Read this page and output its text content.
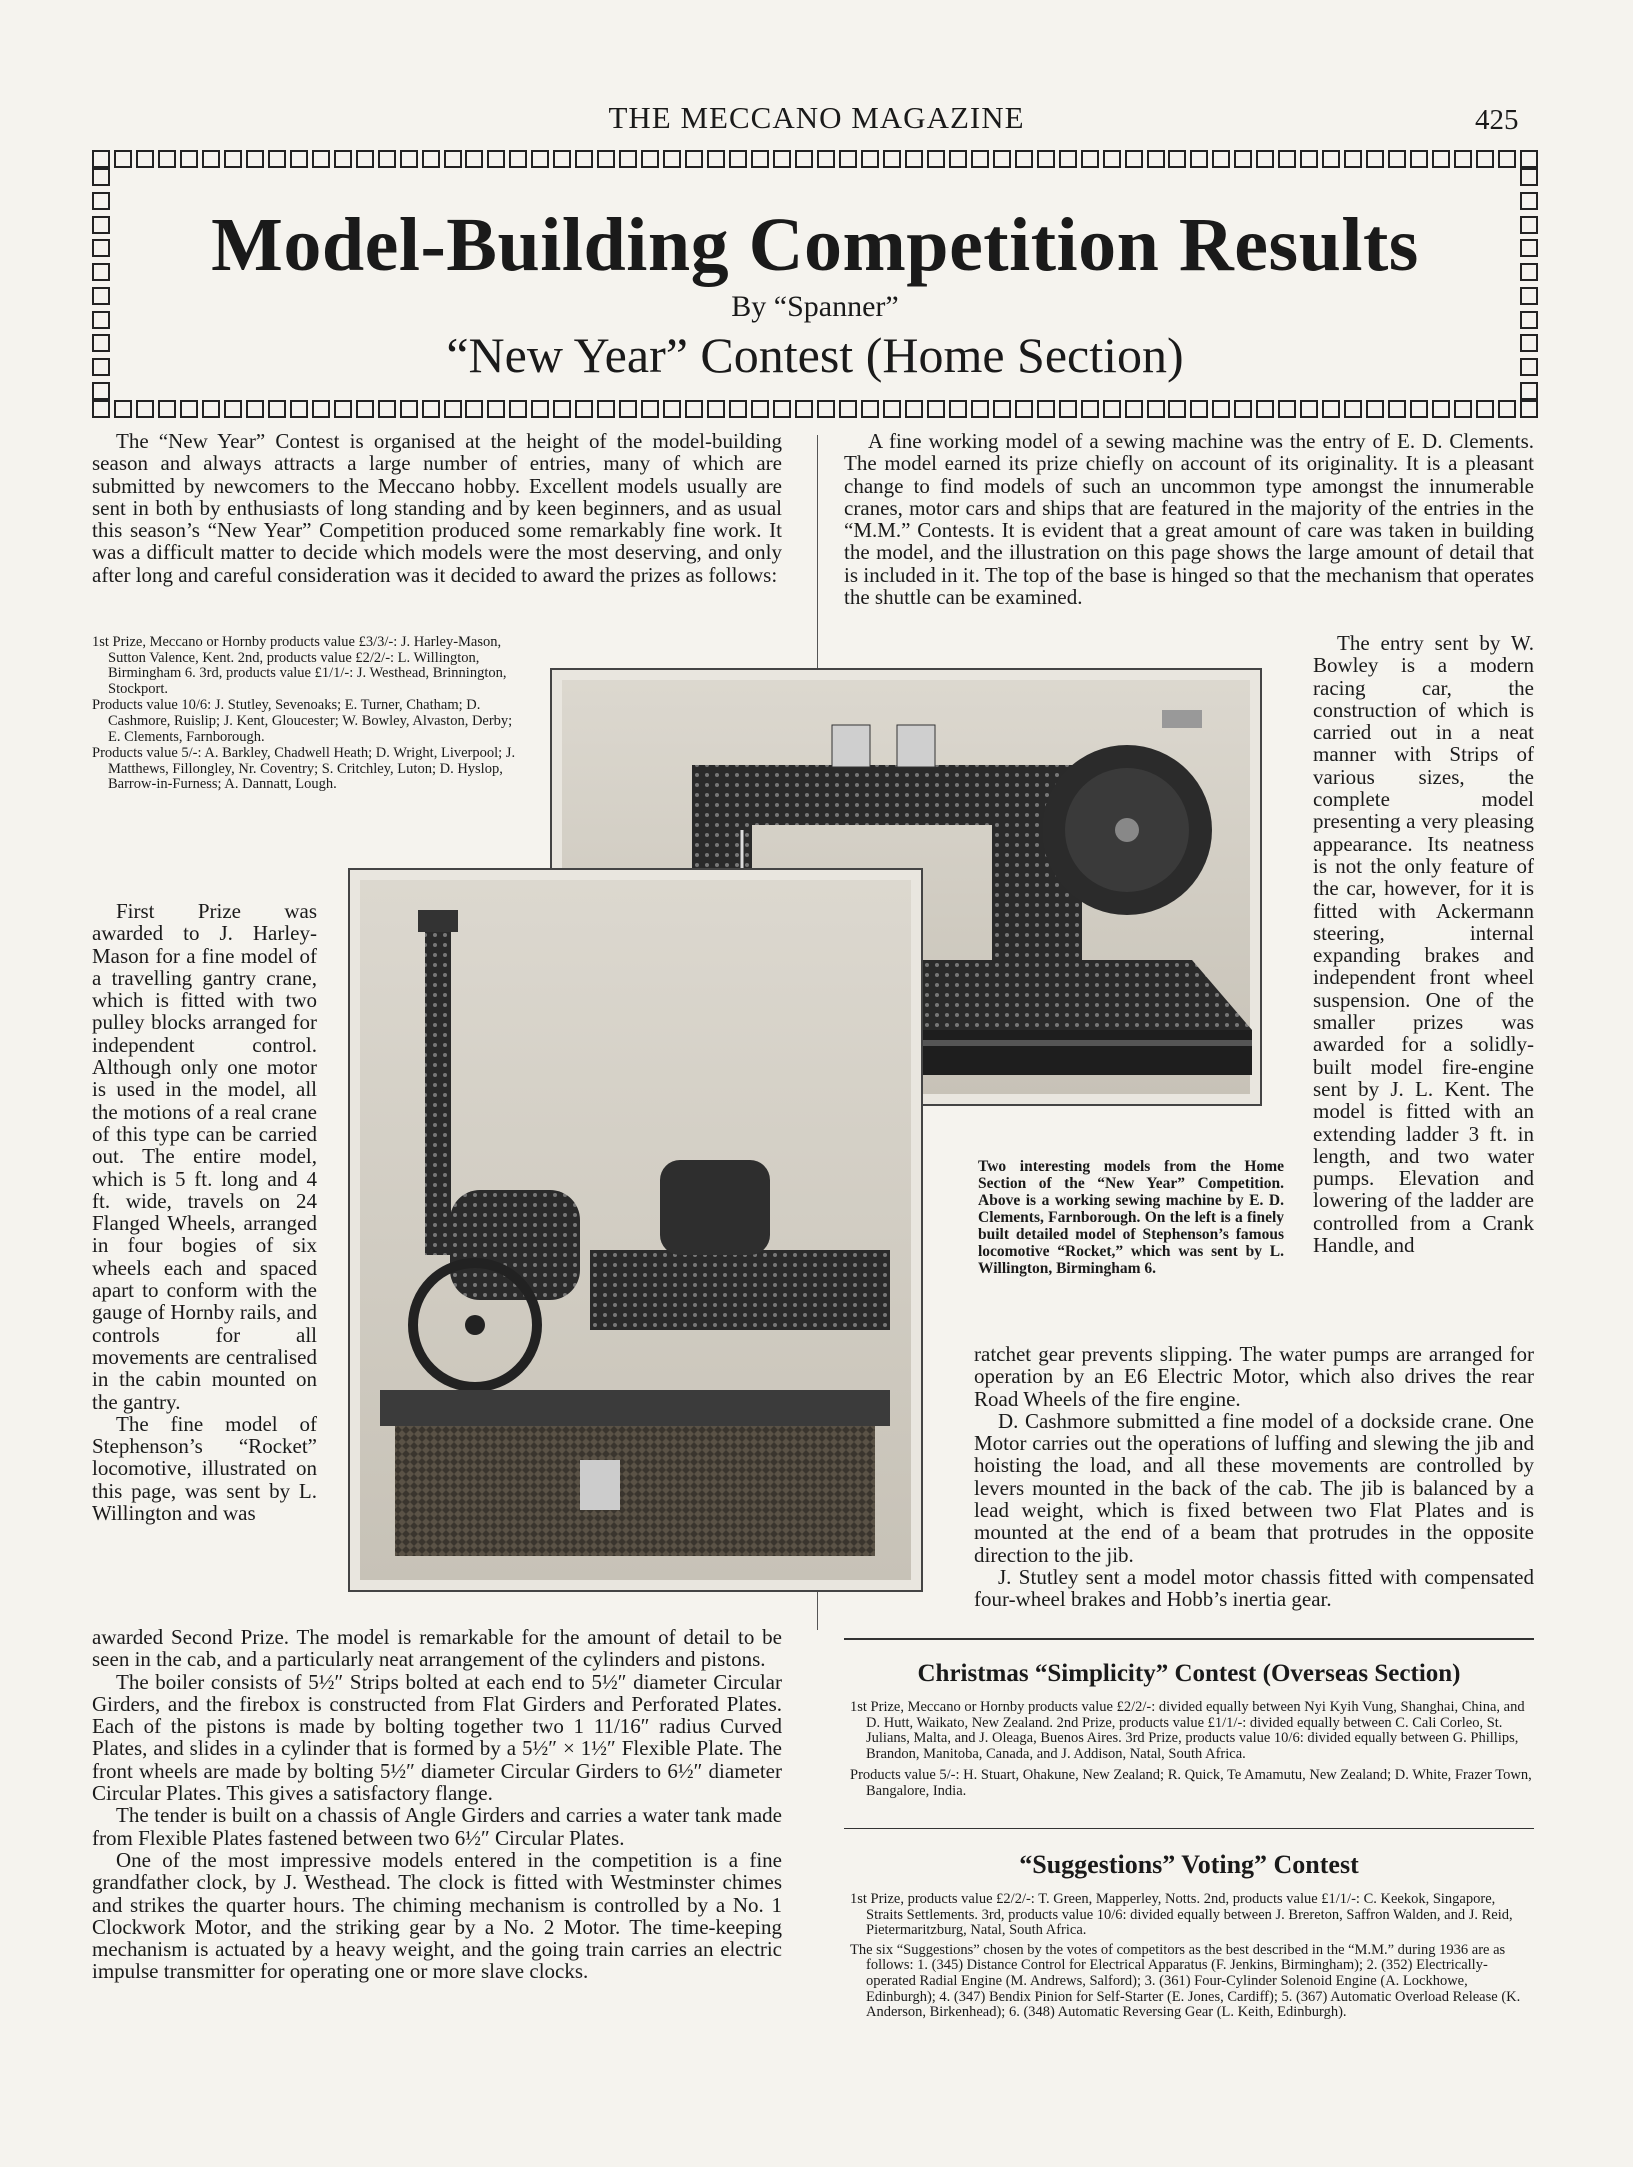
THE MECCANO MAGAZINE	425
Model-Building Competition Results
By “Spanner”
“New Year” Contest (Home Section)

The “New Year” Contest is organised at the height of the model-building season and always attracts a large number of entries, many of which are submitted by newcomers to the Meccano hobby. Excellent models usually are sent in both by enthusiasts of long standing and by keen beginners, and as usual this season’s “New Year” Competition produced some remarkably fine work. It was a difficult matter to decide which models were the most deserving, and only after long and careful consideration was it decided to award the prizes as follows:

1st Prize, Meccano or Hornby products value £3/3/-: J. Harley-Mason, Sutton Valence, Kent. 2nd, products value £2/2/-: L. Willington, Birmingham 6. 3rd, products value £1/1/-: J. Westhead, Brinnington, Stockport.

Products value 10/6: J. Stutley, Sevenoaks; E. Turner, Chatham; D. Cashmore, Ruislip; J. Kent, Gloucester; W. Bowley, Alvaston, Derby; E. Clements, Farnborough.

Products value 5/-: A. Barkley, Chadwell Heath; D. Wright, Liverpool; J. Matthews, Fillongley, Nr. Coventry; S. Critchley, Luton; D. Hyslop, Barrow-in-Furness; A. Dannatt, Lough.

First Prize was awarded to J. Harley-Mason for a fine model of a travelling gantry crane, which is fitted with two pulley blocks arranged for independent control. Although only one motor is used in the model, all the motions of a real crane of this type can be carried out. The entire model, which is 5 ft. long and 4 ft. wide, travels on 24 Flanged Wheels, arranged in four bogies of six wheels each and spaced apart to conform with the gauge of Hornby rails, and controls for all movements are centralised in the cabin mounted on the gantry.

The fine model of Stephenson’s “Rocket” locomotive, illustrated on this page, was sent by L. Willington and was

awarded Second Prize. The model is remarkable for the amount of detail to be seen in the cab, and a particularly neat arrangement of the cylinders and pistons.

The boiler consists of 5½″ Strips bolted at each end to 5½″ diameter Circular Girders, and the firebox is constructed from Flat Girders and Perforated Plates. Each of the pistons is made by bolting together two 1 11/16″ radius Curved Plates, and slides in a cylinder that is formed by a 5½″ × 1½″ Flexible Plate. The front wheels are made by bolting 5½″ diameter Circular Girders to 6½″ diameter Circular Plates. This gives a satisfactory flange.

The tender is built on a chassis of Angle Girders and carries a water tank made from Flexible Plates fastened between two 6½″ Circular Plates.

One of the most impressive models entered in the competition is a fine grandfather clock, by J. Westhead. The clock is fitted with Westminster chimes and strikes the quarter hours. The chiming mechanism is controlled by a No. 1 Clockwork Motor, and the striking gear by a No. 2 Motor. The time-keeping mechanism is actuated by a heavy weight, and the going train carries an electric impulse transmitter for operating one or more slave clocks.

Two interesting models from the Home Section of the “New Year” Competition. Above is a working sewing machine by E. D. Clements, Farnborough. On the left is a finely built detailed model of Stephenson’s famous locomotive “Rocket,” which was sent by L. Willington, Birmingham 6.

A fine working model of a sewing machine was the entry of E. D. Clements. The model earned its prize chiefly on account of its originality. It is a pleasant change to find models of such an uncommon type amongst the innumerable cranes, motor cars and ships that are featured in the majority of the entries in the “M.M.” Contests. It is evident that a great amount of care was taken in building the model, and the illustration on this page shows the large amount of detail that is included in it. The top of the base is hinged so that the mechanism that operates the shuttle can be examined.

The entry sent by W. Bowley is a modern racing car, the construction of which is carried out in a neat manner with Strips of various sizes, the complete model presenting a very pleasing appearance. Its neatness is not the only feature of the car, however, for it is fitted with Ackermann steering, internal expanding brakes and independent front wheel suspension. One of the smaller prizes was awarded for a solidly-built model fire-engine sent by J. L. Kent. The model is fitted with an extending ladder 3 ft. in length, and two water pumps. Elevation and lowering of the ladder are controlled from a Crank Handle, and

ratchet gear prevents slipping. The water pumps are arranged for operation by an E6 Electric Motor, which also drives the rear Road Wheels of the fire engine.

D. Cashmore submitted a fine model of a dockside crane. One Motor carries out the operations of luffing and slewing the jib and hoisting the load, and all these movements are controlled by levers mounted in the back of the cab. The jib is balanced by a lead weight, which is fixed between two Flat Plates and is mounted at the end of a beam that protrudes in the opposite direction to the jib.

J. Stutley sent a model motor chassis fitted with compensated four-wheel brakes and Hobb’s inertia gear.

Christmas “Simplicity” Contest (Overseas Section)

1st Prize, Meccano or Hornby products value £2/2/-: divided equally between Nyi Kyih Vung, Shanghai, China, and D. Hutt, Waikato, New Zealand. 2nd Prize, products value £1/1/-: divided equally between C. Cali Corleo, St. Julians, Malta, and J. Oleaga, Buenos Aires. 3rd Prize, products value 10/6: divided equally between G. Phillips, Brandon, Manitoba, Canada, and J. Addison, Natal, South Africa.

Products value 5/-: H. Stuart, Ohakune, New Zealand; R. Quick, Te Amamutu, New Zealand; D. White, Frazer Town, Bangalore, India.

“Suggestions” Voting” Contest

1st Prize, products value £2/2/-: T. Green, Mapperley, Notts. 2nd, products value £1/1/-: C. Keekok, Singapore, Straits Settlements. 3rd, products value 10/6: divided equally between J. Brereton, Saffron Walden, and J. Reid, Pietermaritzburg, Natal, South Africa.

The six “Suggestions” chosen by the votes of competitors as the best described in the “M.M.” during 1936 are as follows: 1. (345) Distance Control for Electrical Apparatus (F. Jenkins, Birmingham); 2. (352) Electrically-operated Radial Engine (M. Andrews, Salford); 3. (361) Four-Cylinder Solenoid Engine (A. Lockhowe, Edinburgh); 4. (347) Bendix Pinion for Self-Starter (E. Jones, Cardiff); 5. (367) Automatic Overload Release (K. Anderson, Birkenhead); 6. (348) Automatic Reversing Gear (L. Keith, Edinburgh).
